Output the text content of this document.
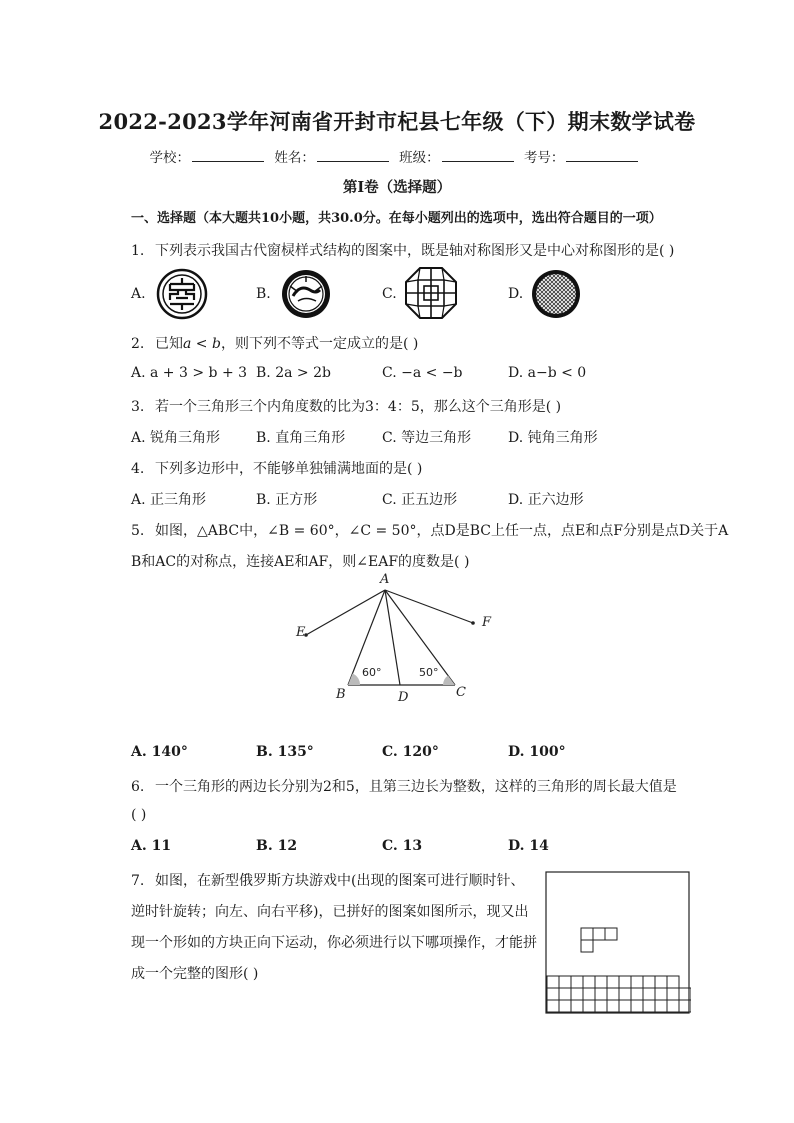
2022-2023学年河南省开封市杞县七年级（下）期末数学试卷
学校：	姓名：	班级：	考号：
第I卷（选择题）
一、选择题（本大题共10小题，共30.0分。在每小题列出的选项中，选出符合题目的一项）
1. 下列表示我国古代窗棂样式结构的图案中，既是轴对称图形又是中心对称图形的是( )
A.	B.	C.	D.
2. 已知a < b，则下列不等式一定成立的是( )
A. a + 3 > b + 3 B. 2a > 2b	C. −a < −b	D. a−b < 0
3. 若一个三角形三个内角度数的比为3：4：5，那么这个三角形是( )
A. 锐角三角形	B. 直角三角形	C. 等边三角形	D. 钝角三角形
4. 下列多边形中，不能够单独铺满地面的是( )
A. 正三角形	B. 正方形	C. 正五边形	D. 正六边形
5. 如图，△ABC中，∠B = 60°，∠C = 50°，点D是BC上任一点，点E和点F分别是点D关于A
B和AC的对称点，连接AE和AF，则∠EAF的度数是( )
A
E
F
B	D	C
60°	50°
A. 140°	B. 135°	C. 120°	D. 100°
6. 一个三角形的两边长分别为2和5，且第三边长为整数，这样的三角形的周长最大值是
( )
A. 11	B. 12	C. 13	D. 14
7. 如图，在新型俄罗斯方块游戏中(出现的图案可进行顺时针、
逆时针旋转；向左、向右平移)，已拼好的图案如图所示，现又出
现一个形如的方块正向下运动，你必须进行以下哪项操作，才能拼
成一个完整的图形( )
